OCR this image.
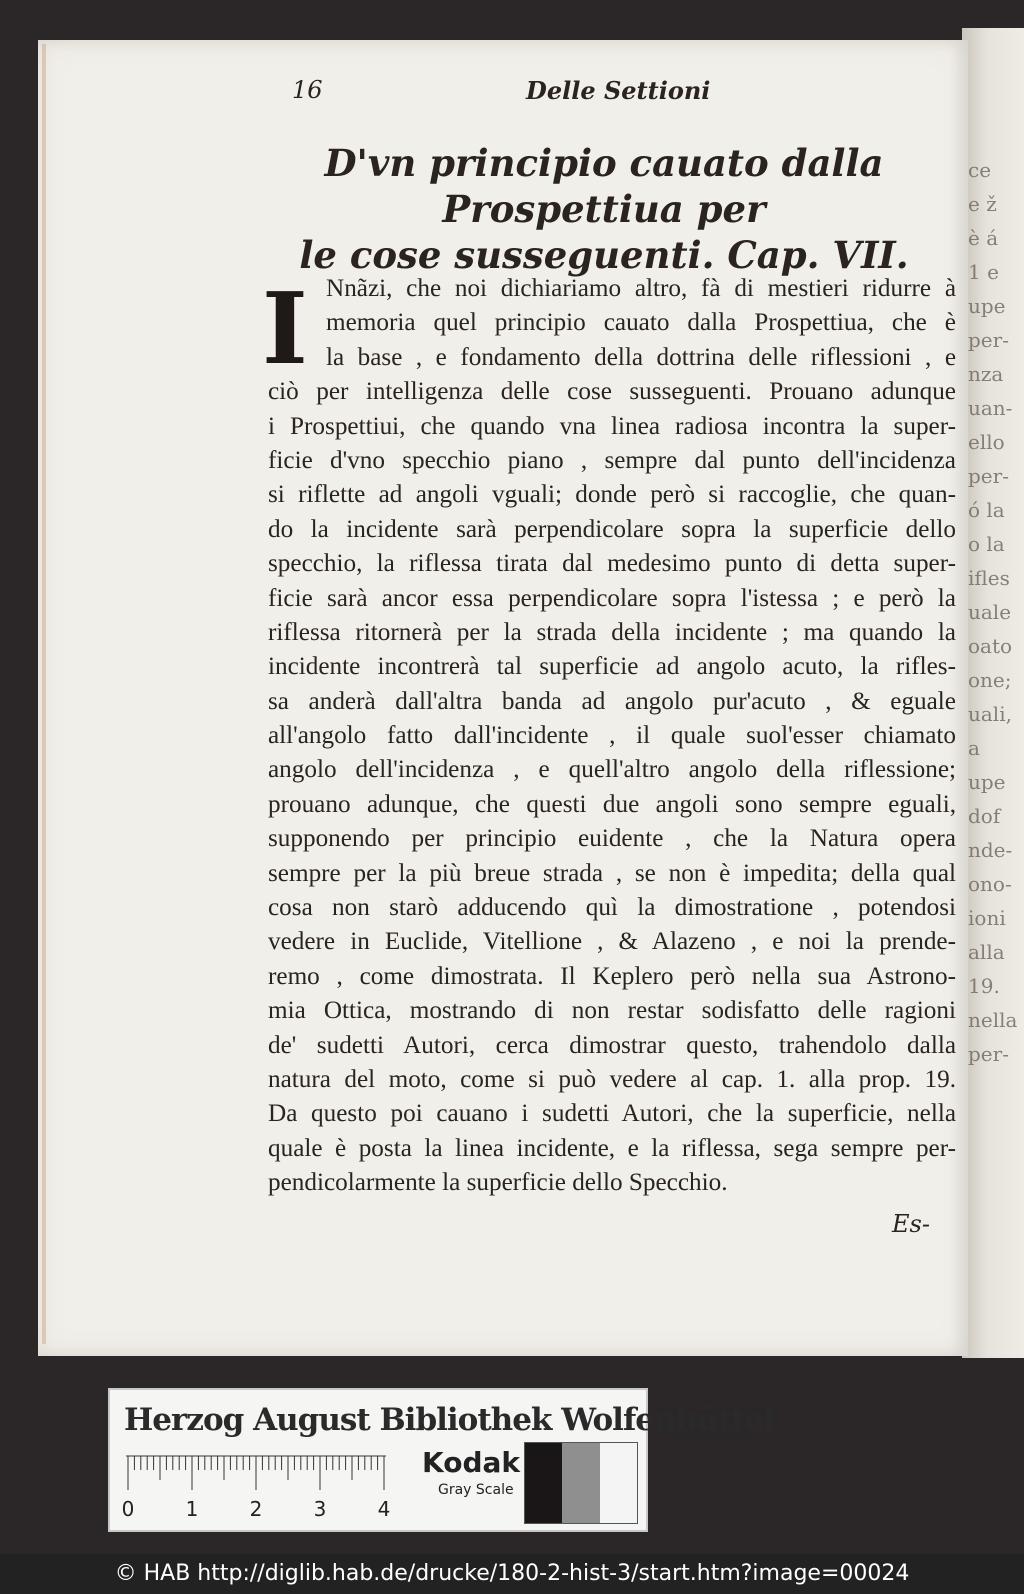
ce
e ž
è á
1 e
upe
per-
nza
uan-
ello
per-
ó la
o la
ifles
uale
oato
one;
uali,
a
upe
dof
nde-
ono-
ioni
alla
19.
nella
per-
16	Delle Settioni
D'vn principio cauato dalla Prospettiua per
le cose susseguenti. Cap. VII.
I Nnãzi, che noi dichiariamo altro, fà di mestieri ridurre à
memoria quel principio cauato dalla Prospettiua, che è
la base , e fondamento della dottrina delle riflessioni , e
ciò per intelligenza delle cose susseguenti. Prouano adunque
i Prospettiui, che quando vna linea radiosa incontra la super-
ficie d'vno specchio piano , sempre dal punto dell'incidenza
si riflette ad angoli vguali; donde però si raccoglie, che quan-
do la incidente sarà perpendicolare sopra la superficie dello
specchio, la riflessa tirata dal medesimo punto di detta super-
ficie sarà ancor essa perpendicolare sopra l'istessa ; e però la
riflessa ritornerà per la strada della incidente ; ma quando la
incidente incontrerà tal superficie ad angolo acuto, la rifles-
sa anderà dall'altra banda ad angolo pur'acuto , & eguale
all'angolo fatto dall'incidente , il quale suol'esser chiamato
angolo dell'incidenza , e quell'altro angolo della riflessione;
prouano adunque, che questi due angoli sono sempre eguali,
supponendo per principio euidente , che la Natura opera
sempre per la più breue strada , se non è impedita; della qual
cosa non starò adducendo quì la dimostratione , potendosi
vedere in Euclide, Vitellione , & Alazeno , e noi la prende-
remo , come dimostrata. Il Keplero però nella sua Astrono-
mia Ottica, mostrando di non restar sodisfatto delle ragioni
de' sudetti Autori, cerca dimostrar questo, trahendolo dalla
natura del moto, come si può vedere al cap. 1. alla prop. 19.
Da questo poi cauano i sudetti Autori, che la superficie, nella
quale è posta la linea incidente, e la riflessa, sega sempre per-
pendicolarmente la superficie dello Specchio.
Es-
Herzog August Bibliothek Wolfenbüttel
0	1	2	3	4
Kodak
Gray Scale
© HAB http://diglib.hab.de/drucke/180-2-hist-3/start.htm?image=00024
